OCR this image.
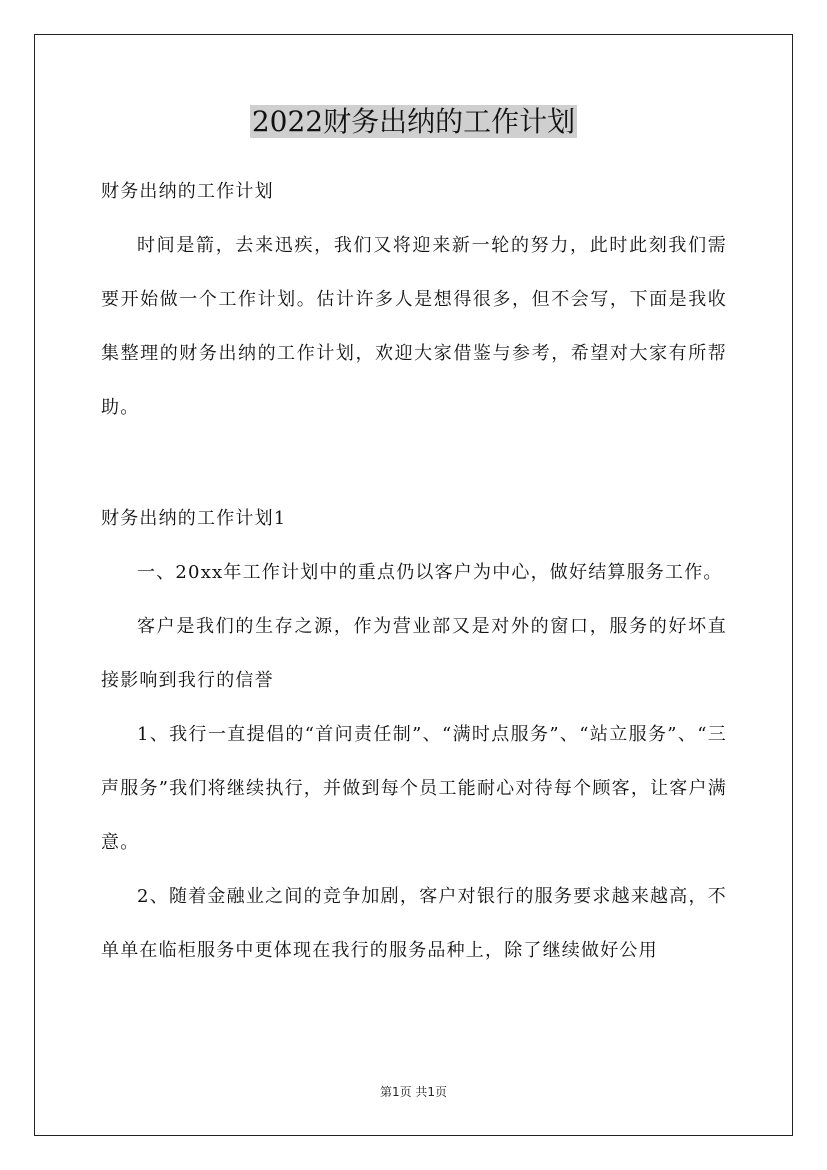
2022财务出纳的工作计划

财务出纳的工作计划

时间是箭，去来迅疾，我们又将迎来新一轮的努力，此时此刻我们需要开始做一个工作计划。估计许多人是想得很多，但不会写，下面是我收集整理的财务出纳的工作计划，欢迎大家借鉴与参考，希望对大家有所帮助。

财务出纳的工作计划1

一、20xx年工作计划中的重点仍以客户为中心，做好结算服务工作。

客户是我们的生存之源，作为营业部又是对外的窗口，服务的好坏直接影响到我行的信誉

1、我行一直提倡的“首问责任制”、“满时点服务”、“站立服务”、“三声服务”我们将继续执行，并做到每个员工能耐心对待每个顾客，让客户满意。

2、随着金融业之间的竞争加剧，客户对银行的服务要求越来越高，不单单在临柜服务中更体现在我行的服务品种上，除了继续做好公用

第1页 共1页
